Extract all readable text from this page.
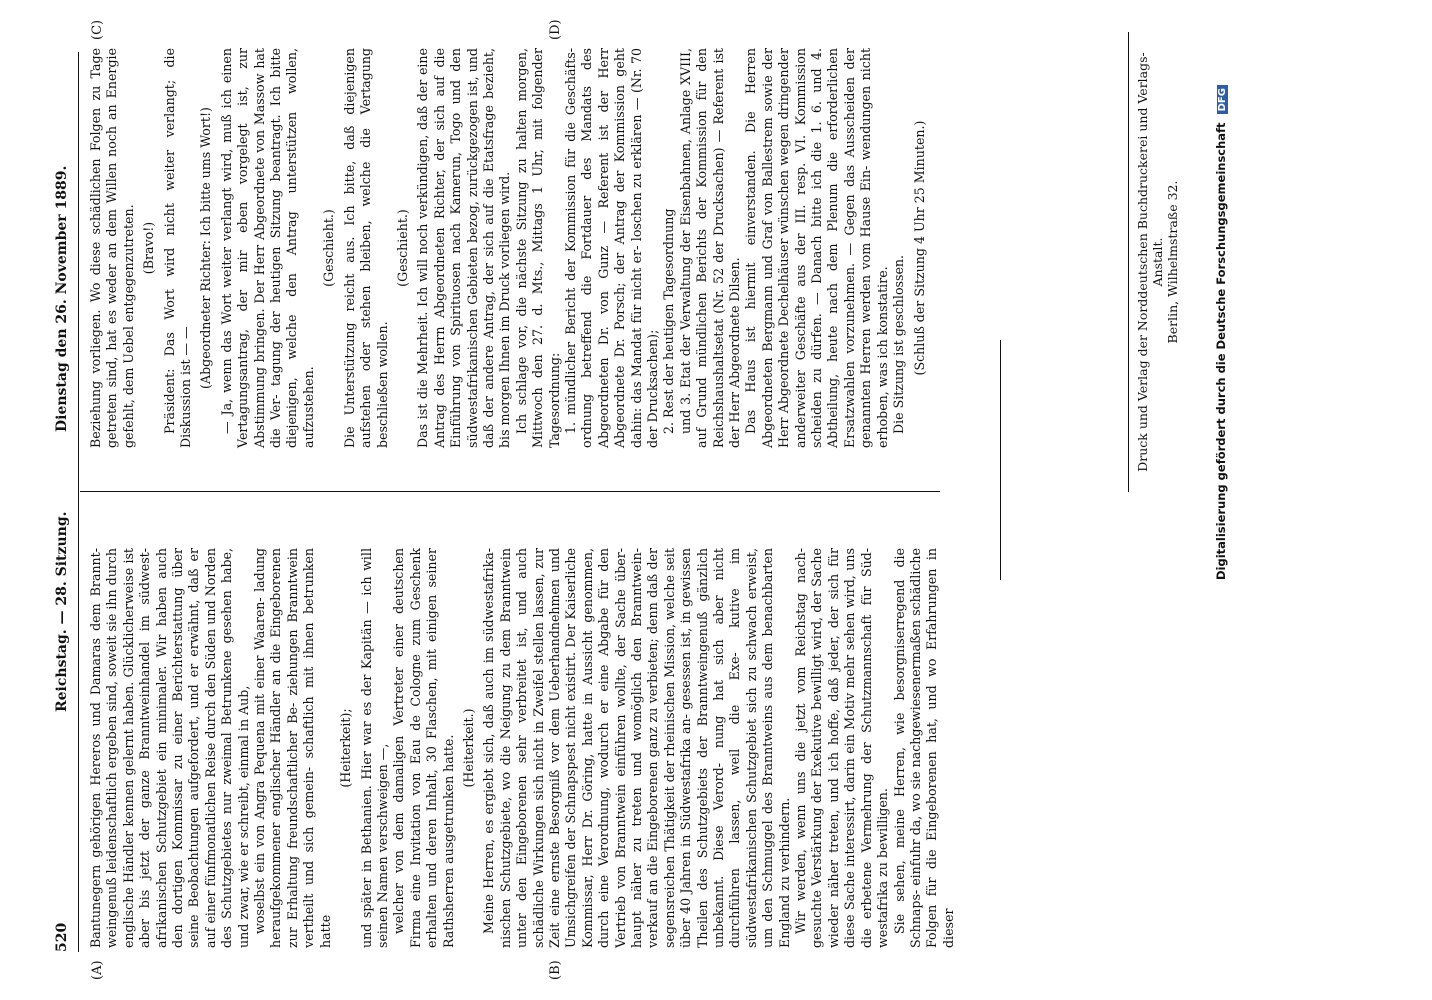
520
Reichstag. — 28. Sitzung.
Dienstag den 26. November 1889.
(A)	(B)
(C)	(D)

Bantunegern gehörigen Hereros und Damaras dem Brannt- weingenuß leidenschaftlich ergeben sind, soweit sie ihn durch englische Händler kennen gelernt haben. Glücklicherweise ist aber bis jetzt der ganze Branntweinhandel im südwest- afrikanischen Schutzgebiet ein minimaler. Wir haben auch den dortigen Kommissar zu einer Berichterstattung über seine Beobachtungen aufgefordert, und er erwähnt, daß er auf einer fünfmonatlichen Reise durch den Süden und Norden des Schutzgebietes nur zweimal Betrunkene gesehen habe, und zwar, wie er schreibt, einmal in Aub, woselbst ein von Angra Pequena mit einer Waaren- ladung heraufgekommener englischer Händler an die Eingeborenen zur Erhaltung freundschaftlicher Be- ziehungen Branntwein vertheilt und sich gemein- schaftlich mit ihnen betrunken hatte

(Heiterkeit); und später in Bethanien. Hier war es der Kapitän — ich will seinen Namen verschweigen —, welcher von dem damaligen Vertreter einer deutschen Firma eine Invitation von Eau de Cologne zum Geschenk erhalten und deren Inhalt, 30 Flaschen, mit einigen seiner Rathsherren ausgetrunken hatte. (Heiterkeit.) Meine Herren, es ergiebt sich, daß auch im südwestafrika- nischen Schutzgebiete, wo die Neigung zu dem Branntwein unter den Eingeborenen sehr verbreitet ist, und auch schädliche Wirkungen sich nicht in Zweifel stellen lassen, zur Zeit eine ernste Besorgniß vor dem Ueberhandnehmen und Umsichgreifen der Schnapspest nicht existirt. Der Kaiserliche Kommissar, Herr Dr. Göring, hatte in Aussicht genommen, durch eine Verordnung, wodurch er eine Abgabe für den Vertrieb von Branntwein einführen wollte, der Sache über- haupt näher zu treten und womöglich den Branntwein- verkauf an die Eingeborenen ganz zu verbieten; denn daß der segensreichen Thätigkeit der rheinischen Mission, welche seit über 40 Jahren in Südwestafrika an- gesessen ist, in gewissen Theilen des Schutzgebiets der Branntweingenuß gänzlich unbekannt. Diese Verord- nung hat sich aber nicht durchführen lassen, weil die Exe- kutive im südwestafrikanischen Schutzgebiet sich zu schwach erweist, um den Schmuggel des Branntweins aus dem benachbarten England zu verhindern. Wir werden, wenn uns die jetzt vom Reichstag nach- gesuchte Verstärkung der Exekutive bewilligt wird, der Sache wieder näher treten, und ich hoffe, daß jeder, der sich für diese Sache interessirt, darin ein Motiv mehr sehen wird, uns die erbetene Vermehrung der Schutzmannschaft für Süd- westafrika zu bewilligen. Sie sehen, meine Herren, wie besorgniserregend die Schnaps- einfuhr da, wo sie nachgewiesenermaßen schädliche Folgen für die Eingeborenen hat, und wo Erfahrungen in dieser

Beziehung vorliegen. Wo diese schädlichen Folgen zu Tage getreten sind, hat es weder an dem Willen noch an Energie gefehlt, dem Uebel entgegenzutreten. (Bravo!) Präsident: Das Wort wird nicht weiter verlangt; die Diskussion ist — — (Abgeordneter Richter: Ich bitte ums Wort!) — Ja, wenn das Wort weiter verlangt wird, muß ich einen Vertagungsantrag, der mir eben vorgelegt ist, zur Abstimmung bringen. Der Herr Abgeordnete von Massow hat die Ver- tagung der heutigen Sitzung beantragt. Ich bitte diejenigen, welche den Antrag unterstützen wollen, aufzustehen.

(Geschieht.) Die Unterstützung reicht aus. Ich bitte, daß diejenigen aufstehen oder stehen bleiben, welche die Vertagung beschließen wollen.

(Geschieht.) Das ist die Mehrheit. Ich will noch verkündigen, daß der eine Antrag des Herrn Abgeordneten Richter, der sich auf die Einführung von Spirituosen nach Kamerun, Togo und den südwestafrikanischen Gebieten bezog, zurückgezogen ist, und daß der andere Antrag, der sich auf die Etatsfrage bezieht, bis morgen Ihnen im Druck vorliegen wird. Ich schlage vor, die nächste Sitzung zu halten morgen, Mittwoch den 27. d. Mts., Mittags 1 Uhr, mit folgender Tagesordnung: 1. mündlicher Bericht der Kommission für die Geschäfts- ordnung betreffend die Fortdauer des Mandats des Abgeordneten Dr. von Gunz — Referent ist der Herr Abgeordnete Dr. Porsch; der Antrag der Kommission geht dahin: das Mandat für nicht er- loschen zu erklären — (Nr. 70 der Drucksachen); 2. Rest der heutigen Tagesordnung und 3. Etat der Verwaltung der Eisenbahnen, Anlage XVIII, auf Grund mündlichen Berichts der Kommission für den Reichshaushaltsetat (Nr. 52 der Drucksachen) — Referent ist der Herr Abgeordnete Dilsen. Das Haus ist hiermit einverstanden. Die Herren Abgeordneten Bergmann und Graf von Ballestrem sowie der Herr Abgeordnete Dechelhäuser wünschen wegen dringender anderweiter Geschäfte aus der III. resp. VI. Kommission scheiden zu dürfen. — Danach bitte ich die 1. 6. und 4. Abtheilung, heute nach dem Plenum die erforderlichen Ersatzwahlen vorzunehmen. — Gegen das Ausscheiden der genannten Herren werden vom Hause Ein- wendungen nicht erhoben, was ich konstatire. Die Sitzung ist geschlossen. (Schluß der Sitzung 4 Uhr 25 Minuten.)	Druck und Verlag der Norddeutschen Buchdruckerei und Verlags-Anstalt. Berlin, Wilhelmstraße 32.	Digitalisierung gefördert durch die Deutsche Forschungsgemeinschaft DFG
